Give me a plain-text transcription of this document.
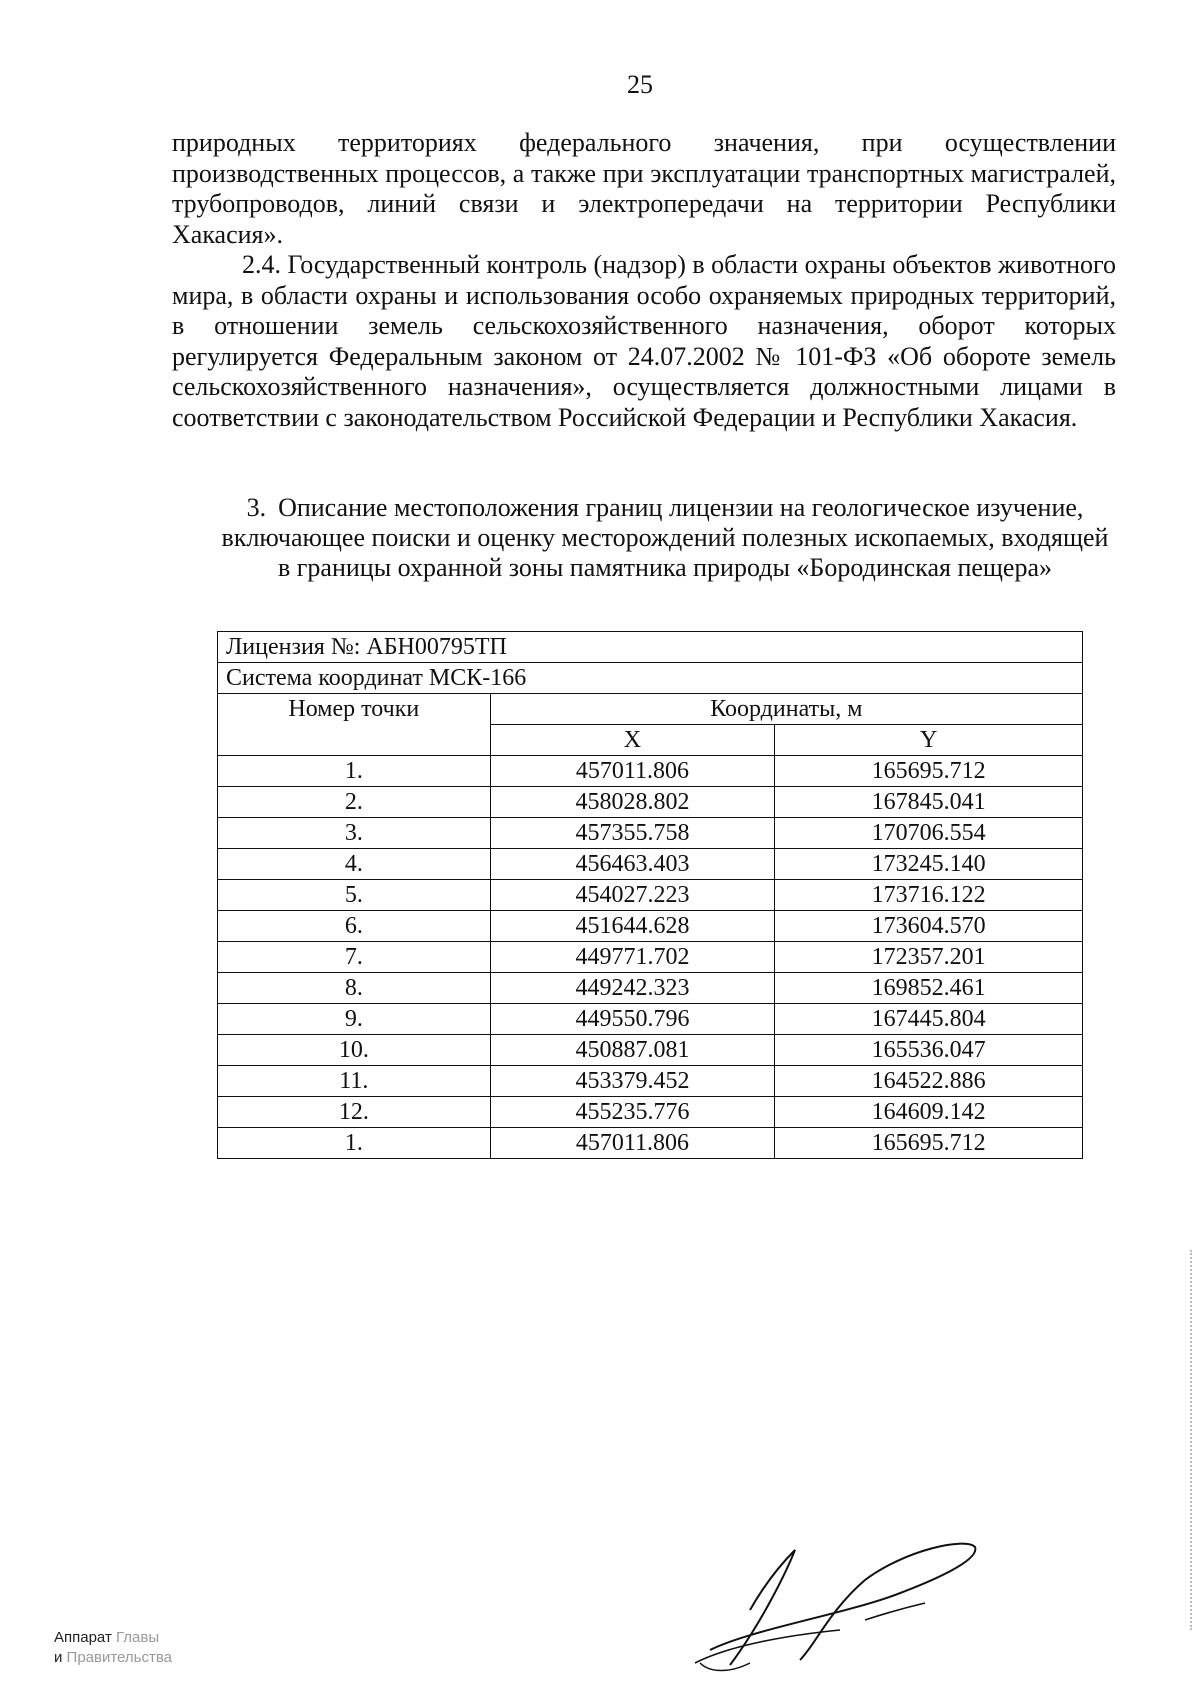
25
природных территориях федерального значения, при осуществлении производственных процессов, а также при эксплуатации транспортных магистралей, трубопроводов, линий связи и электропередачи на территории Республики Хакасия».
2.4. Государственный контроль (надзор) в области охраны объектов животного мира, в области охраны и использования особо охраняемых природных территорий, в отношении земель сельскохозяйственного назначения, оборот которых регулируется Федеральным законом от 24.07.2002 № 101-ФЗ «Об обороте земель сельскохозяйственного назначения», осуществляется должностными лицами в соответствии с законодательством Российской Федерации и Республики Хакасия.
3. Описание местоположения границ лицензии на геологическое изучение,
включающее поиски и оценку месторождений полезных ископаемых, входящей
в границы охранной зоны памятника природы «Бородинская пещера»
Лицензия №: АБН00795ТП		
Система координат МСК-166		
Номер точки	Координаты, м	
	X	Y
1.	457011.806	165695.712
2.	458028.802	167845.041
3.	457355.758	170706.554
4.	456463.403	173245.140
5.	454027.223	173716.122
6.	451644.628	173604.570
7.	449771.702	172357.201
8.	449242.323	169852.461
9.	449550.796	167445.804
10.	450887.081	165536.047
11.	453379.452	164522.886
12.	455235.776	164609.142
1.	457011.806	165695.712
Аппарат Главы
и Правительства
